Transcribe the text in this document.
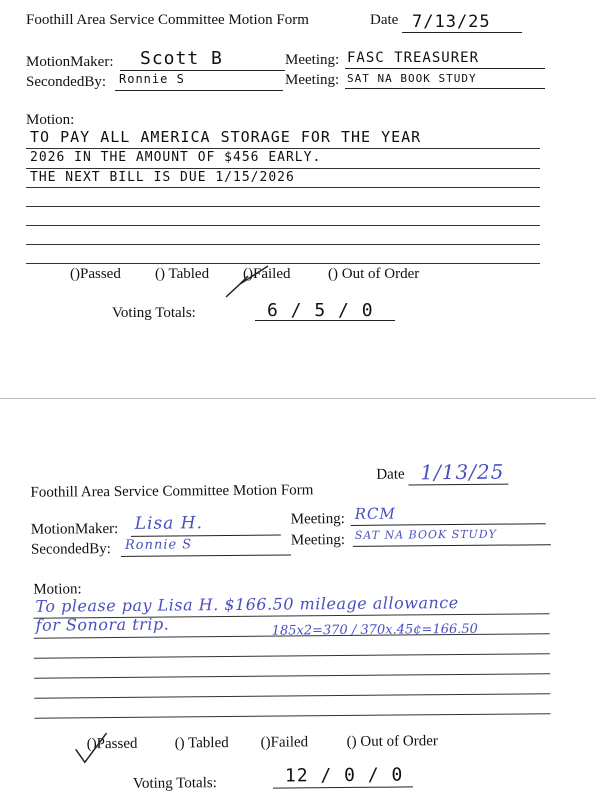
Foothill Area Service Committee Motion Form	Date 7/13/25
MotionMaker: Scott B	Meeting: FASC TREASURER
SecondedBy: Ronnie S	Meeting: SAT NA BOOK STUDY
Motion:
TO PAY ALL AMERICA STORAGE FOR THE YEAR
2026 IN THE AMOUNT OF $456 EARLY.
THE NEXT BILL IS DUE 1/15/2026
()Passed () Tabled ()Failed	() Out of Order
Voting Totals:	6 / 5 / 0
Foothill Area Service Committee Motion Form
Date 1/13/25
MotionMaker: Lisa H.	Meeting: RCM
SecondedBy: Ronnie S	Meeting: SAT NA BOOK STUDY
Motion:
To please pay Lisa H. $166.50 mileage allowance
for Sonora trip.	185x2=370 / 370x.45¢=166.50
()Passed () Tabled ()Failed	() Out of Order
Voting Totals:	12 / 0 / 0
